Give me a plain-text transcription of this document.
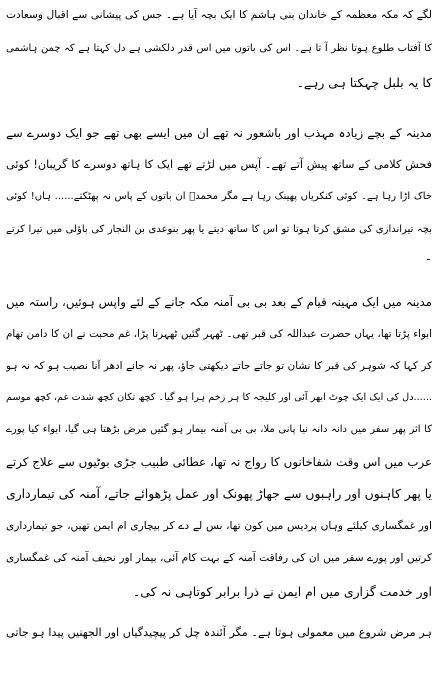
لگے کہ مکہ معظمہ کے خاندان بنی ہاشم کا ایک بچہ آیا ہے۔ جس کی پیشانی سے اقبال وسعادت
کا آفتاب طلوع ہوتا نظر آ تا ہے۔ اس کی باتوں میں اس قدر دلکشی ہے دل کہتا ہے کہ چمن ہاشمی
کا یہ بلبل چہکتا ہی رہے۔
مدینہ کے بچے زیادہ مہذب اور باشعور نہ تھے ان میں ایسے بھی تھے جو ایک دوسرے سے
فحش کلامی کے ساتھ پیش آتے تھے۔ آپس میں لڑتے تھے ایک کا ہاتھ دوسرے کا گریبان! کوئی
خاک اڑا رہا ہے۔ کوئی کنکریاں پھینک رہا ہے مگر محمدؐ ان باتوں کے پاس نہ پھٹکتے...... ہاں! کوئی
بچہ تیراندازی کی مشق کرتا ہوتا تو اس کا ساتھ دیتے یا پھر بنوعدی بن النجار کی باؤلی میں تیرا کرتے
۔
مدینہ میں ایک مہینہ قیام کے بعد بی بی آمنہ مکہ جانے کے لئے واپس ہوئیں، راستہ میں
ابواء پڑتا تھا، یہاں حضرت عبداللہ کی قبر تھی۔ ٹھہر گئیں ٹھہرنا پڑا، غم محبت نے ان کا دامن تھام
کر کہا کہ شوہر کی قبر کا نشان تو جاتے جاتے دیکھتی جاؤ، پھر نہ جانے ادھر آنا نصیب ہو کہ نہ ہو
......دل کی ایک ایک چوٹ ابھر آئی اور کلیجہ کا ہر زخم ہرا ہو گیا۔ کچھ تکان کچھ شدت غم، کچھ موسم
کا اثر پھر سفر میں دانہ دانہ نیا پانی ملا، بی بی آمنہ بیمار ہو گئیں مرض بڑھتا ہی گیا، ابواء کیا پورے
عرب میں اس وقت شفاخانوں کا رواج نہ تھا، عطائی طبیب جڑی بوٹیوں سے علاج کرتے
یا پھر کاہنوں اور راہبوں سے جھاڑ پھونک اور عمل پڑھوائے جاتے، آمنہ کی تیمارداری
اور غمگساری کیلئے وہاں پردیس میں کون تھا، بس لے دے کر بیچاری ام ایمن تھیں، جو تیمارداری
کرتیں اور پورے سفر میں ان کی رفاقت آمنہ کے بہت کام آئی، بیمار اور نحیف آمنہ کی غمگساری
اور خدمت گزاری میں ام ایمن نے ذرا برابر کوتاہی نہ کی۔
ہر مرض شروع میں معمولی ہوتا ہے۔ مگر آئندہ چل کر پیچیدگیاں اور الجھنیں پیدا ہو جاتی
